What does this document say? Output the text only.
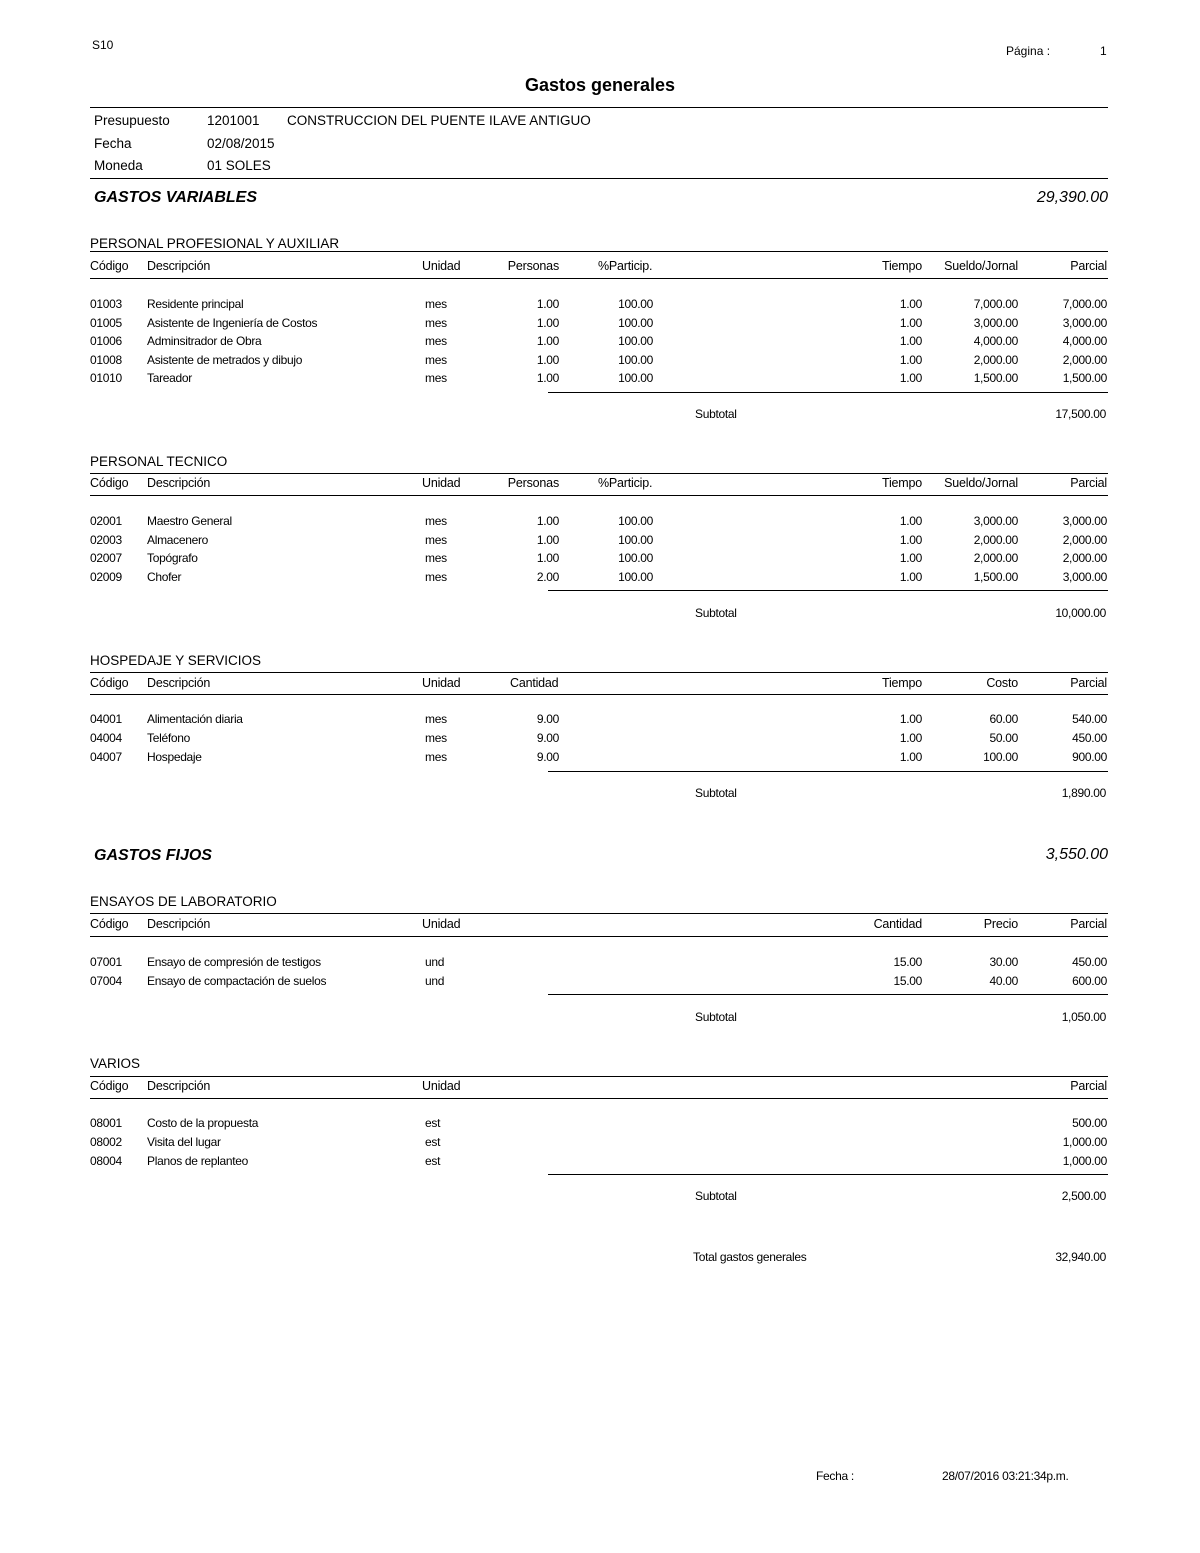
S10	Página :	1
Gastos generales
Presupuesto	1201001 CONSTRUCCION DEL PUENTE ILAVE ANTIGUO
Fecha	02/08/2015
Moneda	01 SOLES
GASTOS VARIABLES	29,390.00
PERSONAL PROFESIONAL Y AUXILIAR
Código Descripción	Unidad	Personas	%Particip.	Tiempo Sueldo/Jornal	Parcial
01003 Residente principal	mes	1.00	100.00	1.00	7,000.00	7,000.00
01005 Asistente de Ingeniería de Costos	mes	1.00	100.00	1.00	3,000.00	3,000.00
01006 Adminsitrador de Obra	mes	1.00	100.00	1.00	4,000.00	4,000.00
01008 Asistente de metrados y dibujo	mes	1.00	100.00	1.00	2,000.00	2,000.00
01010 Tareador	mes	1.00	100.00	1.00	1,500.00	1,500.00
Subtotal	17,500.00
PERSONAL TECNICO
Código Descripción	Unidad	Personas	%Particip.	Tiempo Sueldo/Jornal	Parcial
02001 Maestro General	mes	1.00	100.00	1.00	3,000.00	3,000.00
02003 Almacenero	mes	1.00	100.00	1.00	2,000.00	2,000.00
02007 Topógrafo	mes	1.00	100.00	1.00	2,000.00	2,000.00
02009 Chofer	mes	2.00	100.00	1.00	1,500.00	3,000.00
Subtotal	10,000.00
HOSPEDAJE Y SERVICIOS
Código Descripción	Unidad	Cantidad	Tiempo	Costo	Parcial
04001 Alimentación diaria	mes	9.00	1.00	60.00	540.00
04004 Teléfono	mes	9.00	1.00	50.00	450.00
04007 Hospedaje	mes	9.00	1.00	100.00	900.00
Subtotal	1,890.00
GASTOS FIJOS	3,550.00
ENSAYOS DE LABORATORIO
Código Descripción	Unidad	Cantidad	Precio	Parcial
07001 Ensayo de compresión de testigos	und	15.00	30.00	450.00
07004 Ensayo de compactación de suelos	und	15.00	40.00	600.00
Subtotal	1,050.00
VARIOS
Código Descripción	Unidad	Parcial
08001 Costo de la propuesta	est	500.00
08002 Visita del lugar	est	1,000.00
08004 Planos de replanteo	est	1,000.00
Subtotal	2,500.00
Total gastos generales	32,940.00
Fecha :	28/07/2016 03:21:34p.m.
